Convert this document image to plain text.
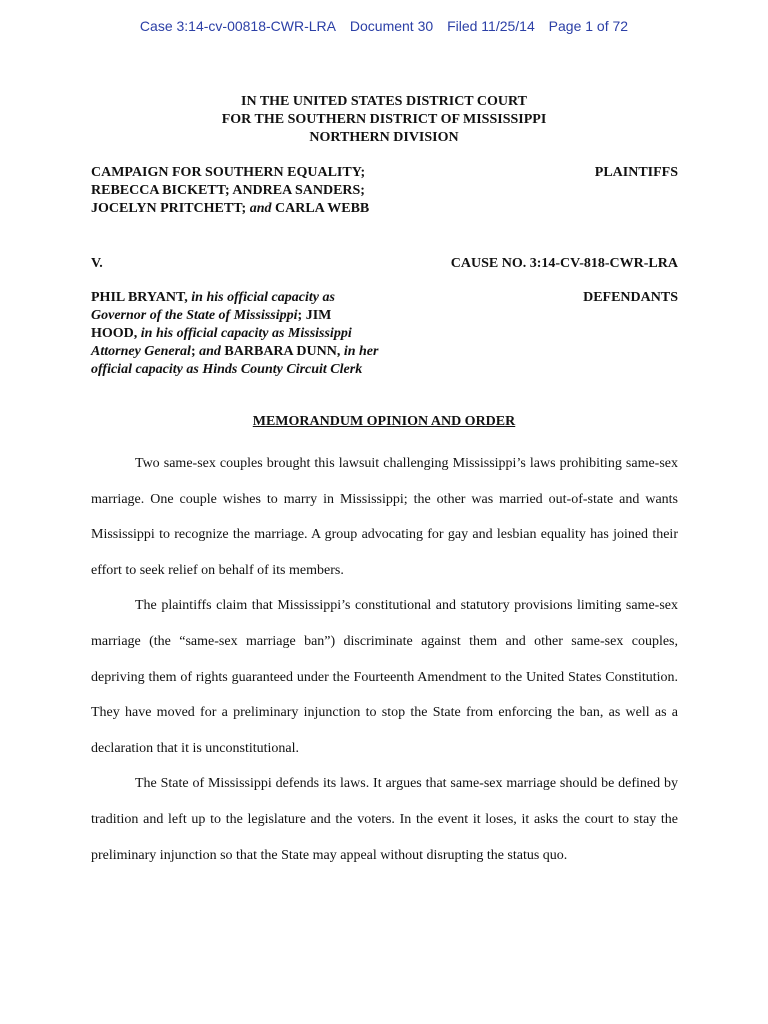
Case 3:14-cv-00818-CWR-LRA Document 30 Filed 11/25/14 Page 1 of 72
IN THE UNITED STATES DISTRICT COURT
FOR THE SOUTHERN DISTRICT OF MISSISSIPPI
NORTHERN DIVISION
CAMPAIGN FOR SOUTHERN EQUALITY; REBECCA BICKETT; ANDREA SANDERS; JOCELYN PRITCHETT; and CARLA WEBB
PLAINTIFFS
V.	CAUSE NO. 3:14-CV-818-CWR-LRA
PHIL BRYANT, in his official capacity as Governor of the State of Mississippi; JIM HOOD, in his official capacity as Mississippi Attorney General; and BARBARA DUNN, in her official capacity as Hinds County Circuit Clerk
DEFENDANTS
MEMORANDUM OPINION AND ORDER

Two same-sex couples brought this lawsuit challenging Mississippi’s laws prohibiting same-sex marriage. One couple wishes to marry in Mississippi; the other was married out-of-state and wants Mississippi to recognize the marriage. A group advocating for gay and lesbian equality has joined their effort to seek relief on behalf of its members.

The plaintiffs claim that Mississippi’s constitutional and statutory provisions limiting same-sex marriage (the “same-sex marriage ban”) discriminate against them and other same-sex couples, depriving them of rights guaranteed under the Fourteenth Amendment to the United States Constitution. They have moved for a preliminary injunction to stop the State from enforcing the ban, as well as a declaration that it is unconstitutional.

The State of Mississippi defends its laws. It argues that same-sex marriage should be defined by tradition and left up to the legislature and the voters. In the event it loses, it asks the court to stay the preliminary injunction so that the State may appeal without disrupting the status quo.
